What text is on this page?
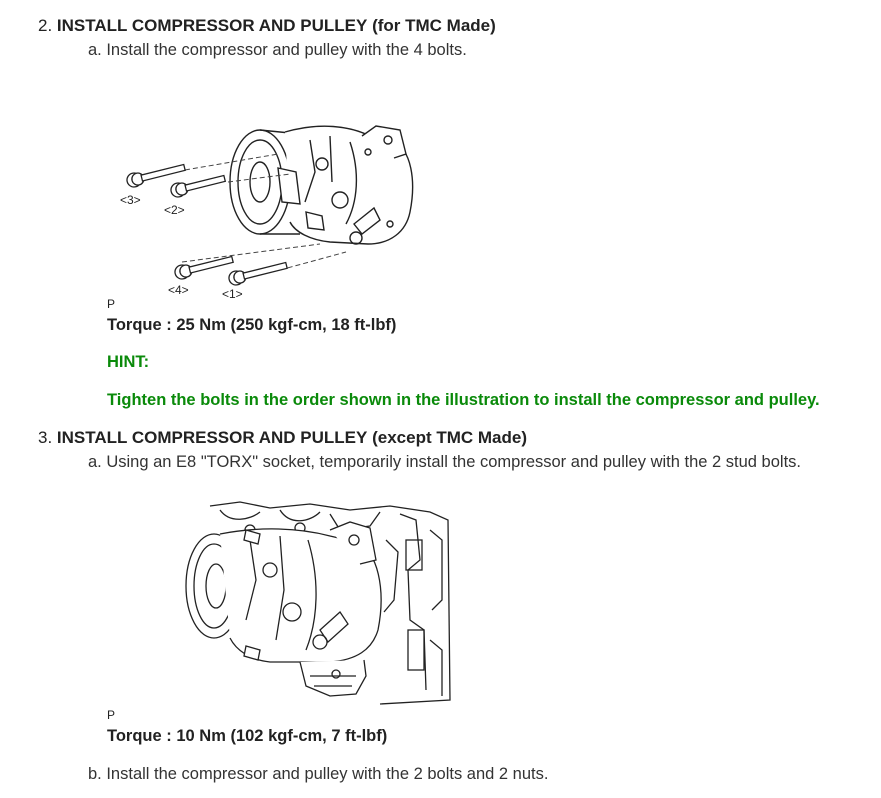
2. INSTALL COMPRESSOR AND PULLEY (for TMC Made)
a. Install the compressor and pulley with the 4 bolts.
<3>
<2>
<4>	<1>
P
Torque : 25 Nm (250 kgf-cm, 18 ft-lbf)
HINT:
Tighten the bolts in the order shown in the illustration to install the compressor and pulley.
3. INSTALL COMPRESSOR AND PULLEY (except TMC Made)
a. Using an E8 "TORX" socket, temporarily install the compressor and pulley with the 2 stud bolts.
P
Torque : 10 Nm (102 kgf-cm, 7 ft-lbf)
b. Install the compressor and pulley with the 2 bolts and 2 nuts.
